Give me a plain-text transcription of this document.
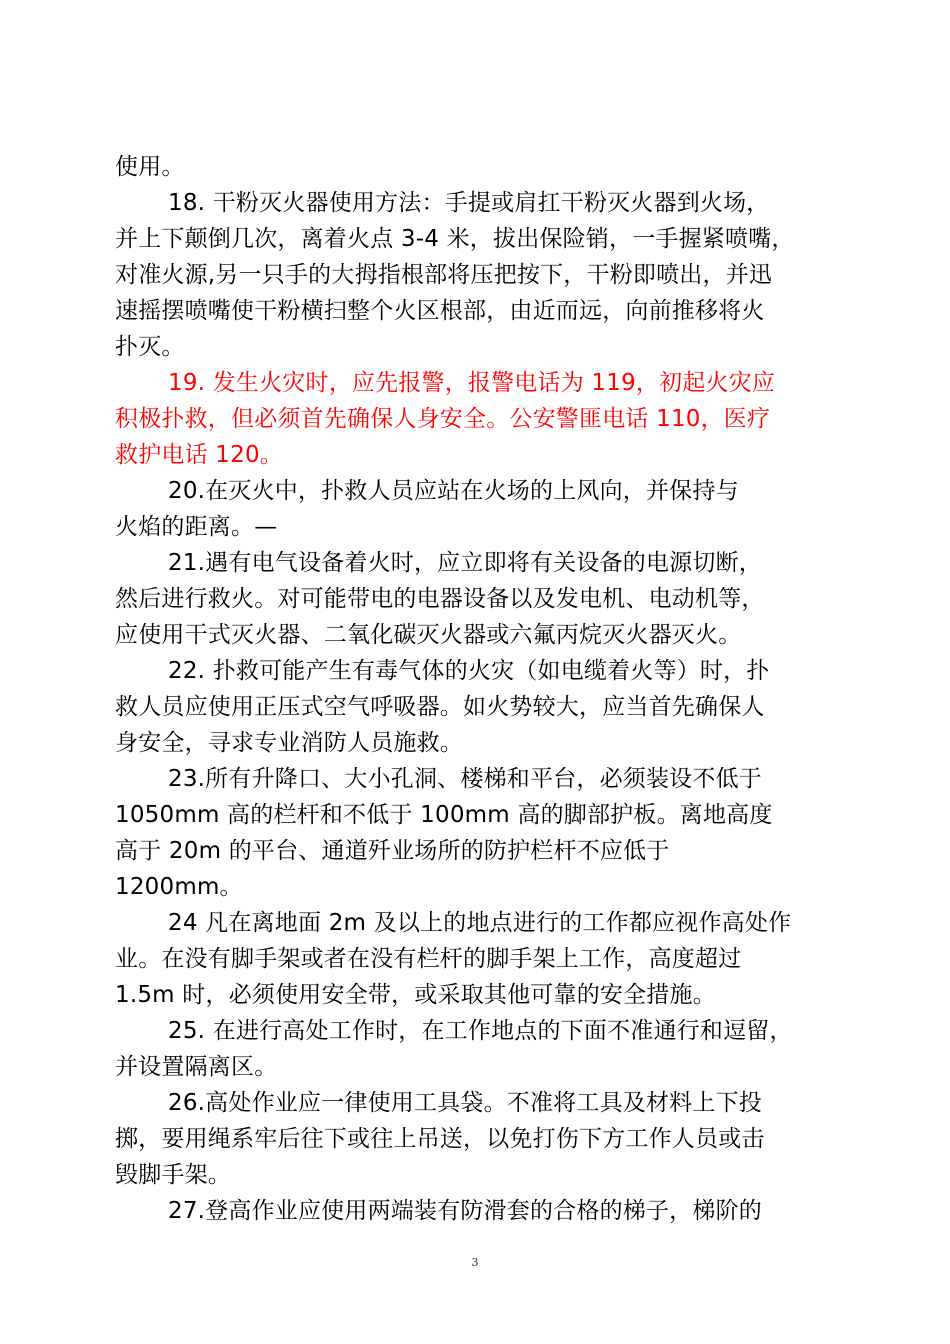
使用。
18. 干粉灭火器使用方法：手提或肩扛干粉灭火器到火场，
并上下颠倒几次，离着火点 3-4 米，拔出保险销，一手握紧喷嘴，
对准火源,另一只手的大拇指根部将压把按下，干粉即喷出，并迅
速摇摆喷嘴使干粉横扫整个火区根部，由近而远，向前推移将火
扑灭。
19. 发生火灾时，应先报警，报警电话为 119，初起火灾应
积极扑救，但必须首先确保人身安全。公安警匪电话 110，医疗
救护电话 120。
20.在灭火中，扑救人员应站在火场的上风向，并保持与
火焰的距离。—
21.遇有电气设备着火时，应立即将有关设备的电源切断，
然后进行救火。对可能带电的电器设备以及发电机、电动机等，
应使用干式灭火器、二氧化碳灭火器或六氟丙烷灭火器灭火。
22. 扑救可能产生有毒气体的火灾（如电缆着火等）时，扑
救人员应使用正压式空气呼吸器。如火势较大，应当首先确保人
身安全，寻求专业消防人员施救。
23.所有升降口、大小孔洞、楼梯和平台，必须装设不低于
1050mm 高的栏杆和不低于 100mm 高的脚部护板。离地高度
高于 20m 的平台、通道歼业场所的防护栏杆不应低于
1200mm。
24 凡在离地面 2m 及以上的地点进行的工作都应视作高处作
业。在没有脚手架或者在没有栏杆的脚手架上工作，高度超过
1.5m 时，必须使用安全带，或采取其他可靠的安全措施。
25. 在进行高处工作时，在工作地点的下面不准通行和逗留，
并设置隔离区。
26.高处作业应一律使用工具袋。不准将工具及材料上下投
掷，要用绳系牢后往下或往上吊送，以免打伤下方工作人员或击
毁脚手架。
27.登高作业应使用两端装有防滑套的合格的梯子，梯阶的
3
